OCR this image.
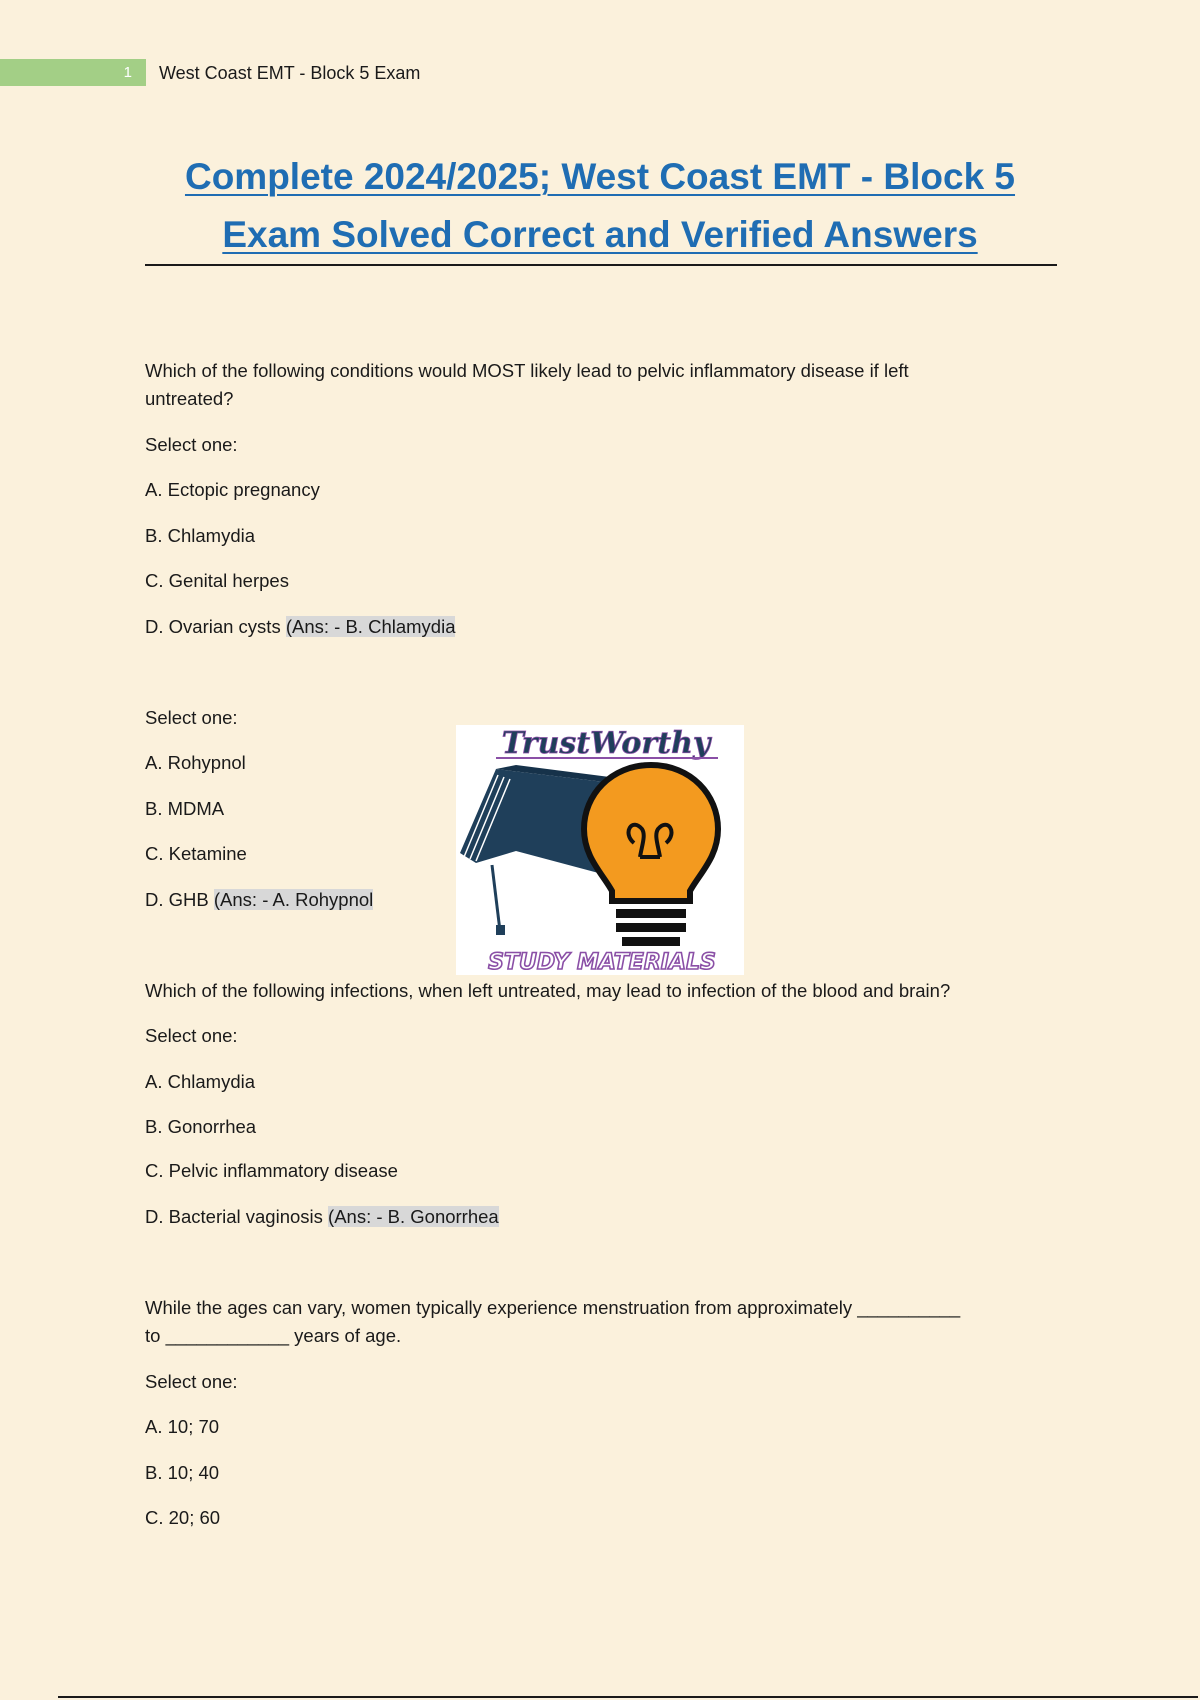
1	West Coast EMT - Block 5 Exam
Complete 2024/2025; West Coast EMT - Block 5
Exam Solved Correct and Verified Answers

Which of the following conditions would MOST likely lead to pelvic inflammatory disease if left

untreated?

Select one:

A. Ectopic pregnancy

B. Chlamydia

C. Genital herpes

D. Ovarian cysts (Ans: - B. Chlamydia

Select one:

A. Rohypnol

B. MDMA

C. Ketamine

D. GHB (Ans: - A. Rohypnol

TrustWorthy
STUDY MATERIALS

Which of the following infections, when left untreated, may lead to infection of the blood and brain?

Select one:

A. Chlamydia

B. Gonorrhea

C. Pelvic inflammatory disease

D. Bacterial vaginosis (Ans: - B. Gonorrhea

While the ages can vary, women typically experience menstruation from approximately __________

to ____________ years of age.

Select one:

A. 10; 70

B. 10; 40

C. 20; 60
